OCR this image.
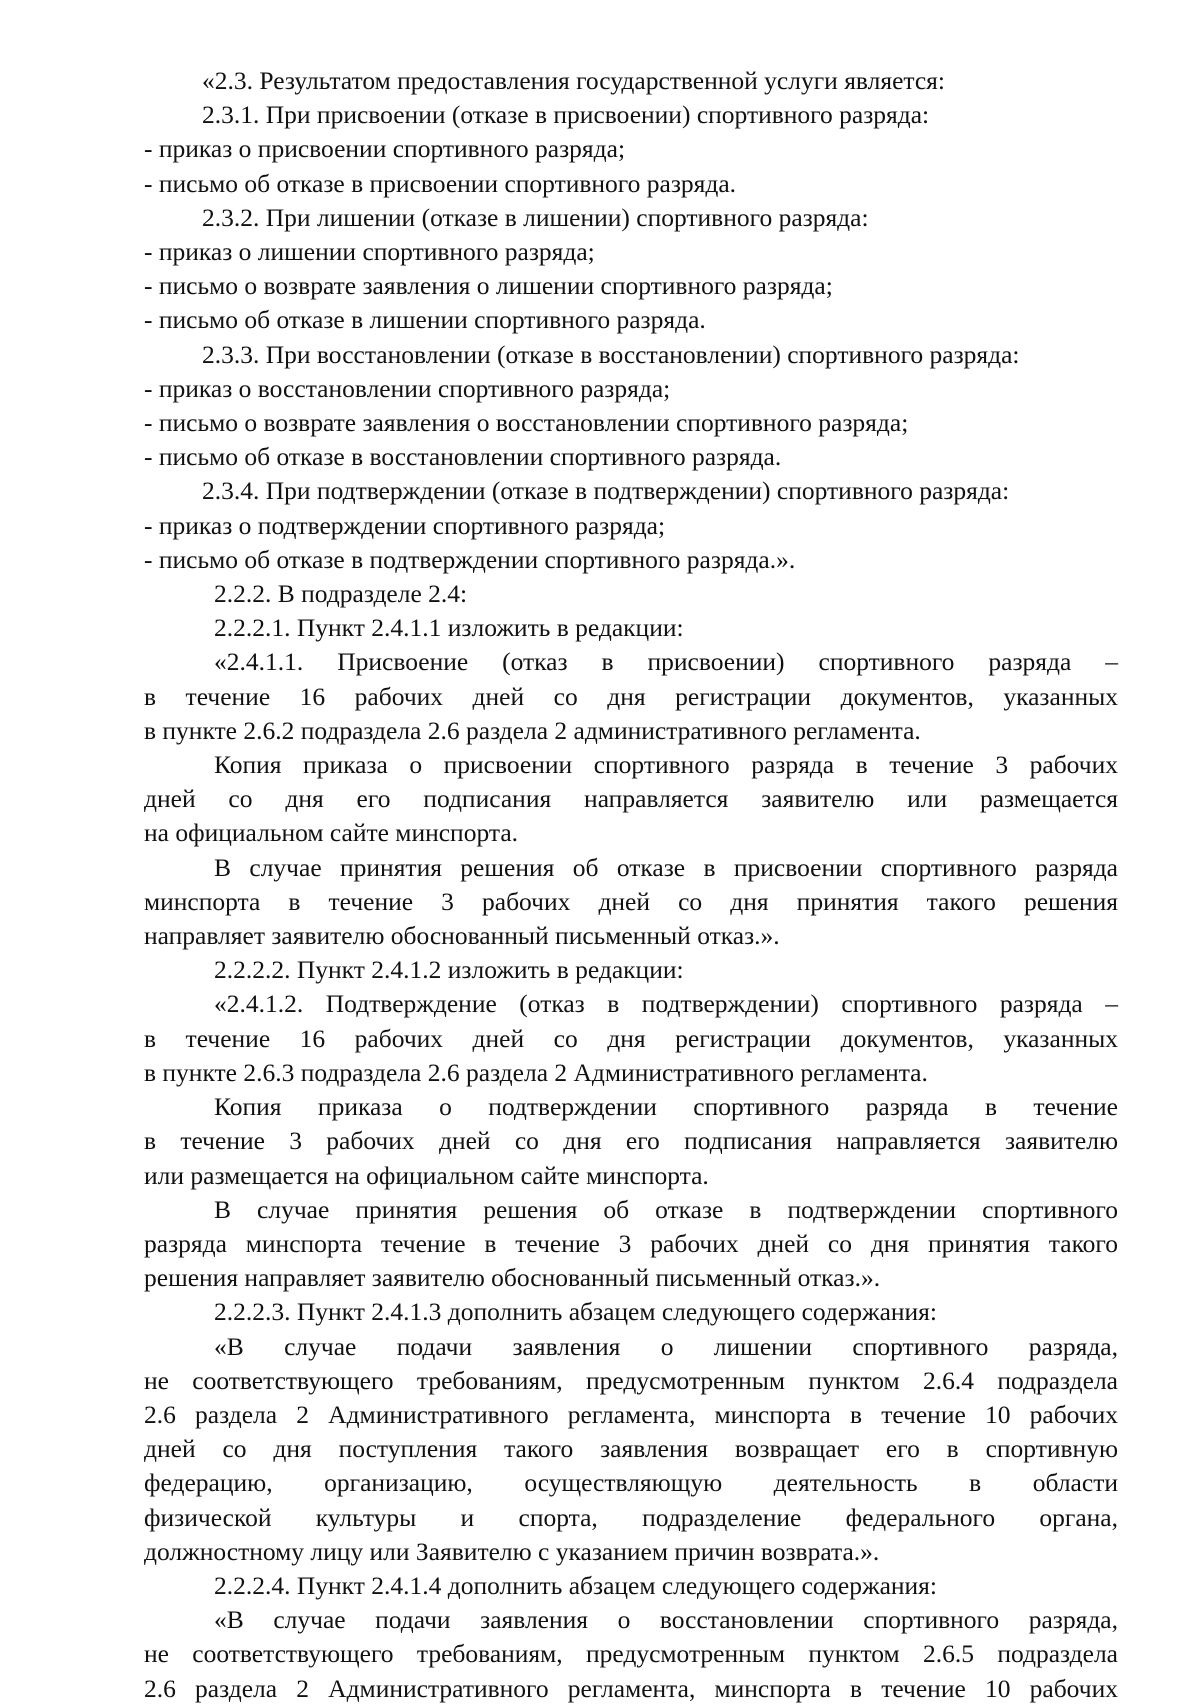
«2.3. Результатом предоставления государственной услуги является:

2.3.1. При присвоении (отказе в присвоении) спортивного разряда:

- приказ о присвоении спортивного разряда;

- письмо об отказе в присвоении спортивного разряда.

2.3.2. При лишении (отказе в лишении) спортивного разряда:

- приказ о лишении спортивного разряда;

- письмо о возврате заявления о лишении спортивного разряда;

- письмо об отказе в лишении спортивного разряда.

2.3.3. При восстановлении (отказе в восстановлении) спортивного разряда:

- приказ о восстановлении спортивного разряда;

- письмо о возврате заявления о восстановлении спортивного разряда;

- письмо об отказе в восстановлении спортивного разряда.

2.3.4. При подтверждении (отказе в подтверждении) спортивного разряда:

- приказ о подтверждении спортивного разряда;

- письмо об отказе в подтверждении спортивного разряда.».

2.2.2. В подразделе 2.4:

2.2.2.1. Пункт 2.4.1.1 изложить в редакции:

«2.4.1.1. Присвоение (отказ в присвоении) спортивного разряда –

в течение 16 рабочих дней со дня регистрации документов, указанных

в пункте 2.6.2 подраздела 2.6 раздела 2 административного регламента.

Копия приказа о присвоении спортивного разряда в течение 3 рабочих

дней со дня его подписания направляется заявителю или размещается

на официальном сайте минспорта.

В случае принятия решения об отказе в присвоении спортивного разряда

минспорта в течение 3 рабочих дней со дня принятия такого решения

направляет заявителю обоснованный письменный отказ.».

2.2.2.2. Пункт 2.4.1.2 изложить в редакции:

«2.4.1.2. Подтверждение (отказ в подтверждении) спортивного разряда –

в течение 16 рабочих дней со дня регистрации документов, указанных

в пункте 2.6.3 подраздела 2.6 раздела 2 Административного регламента.

Копия приказа о подтверждении спортивного разряда в течение

в течение 3 рабочих дней со дня его подписания направляется заявителю

или размещается на официальном сайте минспорта.

В случае принятия решения об отказе в подтверждении спортивного

разряда минспорта течение в течение 3 рабочих дней со дня принятия такого

решения направляет заявителю обоснованный письменный отказ.».

2.2.2.3. Пункт 2.4.1.3 дополнить абзацем следующего содержания:

«В случае подачи заявления о лишении спортивного разряда,

не соответствующего требованиям, предусмотренным пунктом 2.6.4 подраздела

2.6 раздела 2 Административного регламента, минспорта в течение 10 рабочих

дней со дня поступления такого заявления возвращает его в спортивную

федерацию, организацию, осуществляющую деятельность в области

физической культуры и спорта, подразделение федерального органа,

должностному лицу или Заявителю с указанием причин возврата.».

2.2.2.4. Пункт 2.4.1.4 дополнить абзацем следующего содержания:

«В случае подачи заявления о восстановлении спортивного разряда,

не соответствующего требованиям, предусмотренным пунктом 2.6.5 подраздела

2.6 раздела 2 Административного регламента, минспорта в течение 10 рабочих
